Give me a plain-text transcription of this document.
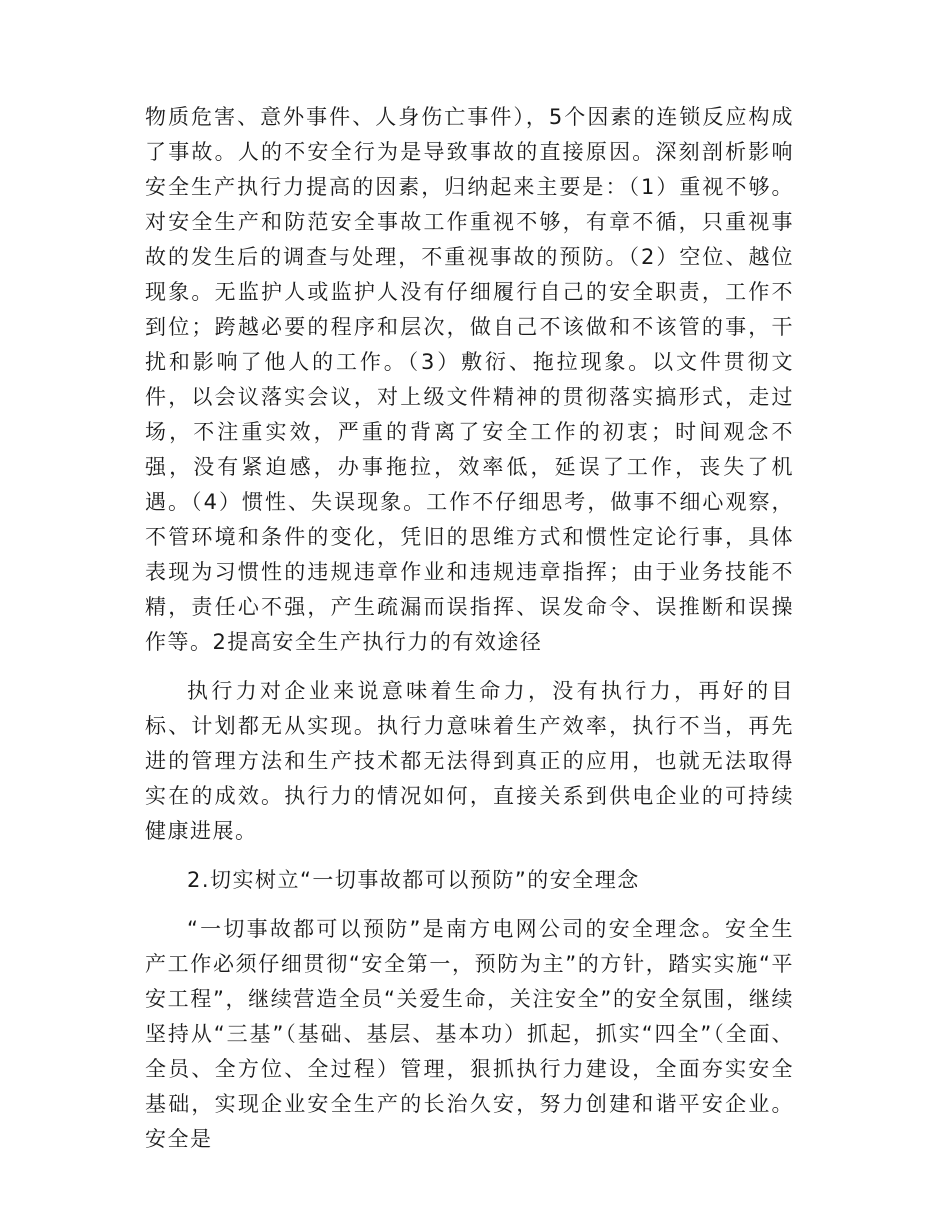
物质危害、意外事件、人身伤亡事件），5个因素的连锁反应构成了事故。人的不安全行为是导致事故的直接原因。深刻剖析影响安全生产执行力提高的因素，归纳起来主要是：（1）重视不够。对安全生产和防范安全事故工作重视不够，有章不循，只重视事故的发生后的调查与处理，不重视事故的预防。（2）空位、越位现象。无监护人或监护人没有仔细履行自己的安全职责，工作不到位；跨越必要的程序和层次，做自己不该做和不该管的事，干扰和影响了他人的工作。（3）敷衍、拖拉现象。以文件贯彻文件，以会议落实会议，对上级文件精神的贯彻落实搞形式，走过场，不注重实效，严重的背离了安全工作的初衷；时间观念不强，没有紧迫感，办事拖拉，效率低，延误了工作，丧失了机遇。（4）惯性、失误现象。工作不仔细思考，做事不细心观察，不管环境和条件的变化，凭旧的思维方式和惯性定论行事，具体表现为习惯性的违规违章作业和违规违章指挥；由于业务技能不精，责任心不强，产生疏漏而误指挥、误发命令、误推断和误操作等。2提高安全生产执行力的有效途径

执行力对企业来说意味着生命力，没有执行力，再好的目标、计划都无从实现。执行力意味着生产效率，执行不当，再先进的管理方法和生产技术都无法得到真正的应用，也就无法取得实在的成效。执行力的情况如何，直接关系到供电企业的可持续健康进展。

2.切实树立“一切事故都可以预防”的安全理念

“一切事故都可以预防”是南方电网公司的安全理念。安全生产工作必须仔细贯彻“安全第一，预防为主”的方针，踏实实施“平安工程”，继续营造全员“关爱生命，关注安全”的安全氛围，继续坚持从“三基”（基础、基层、基本功）抓起，抓实“四全”（全面、全员、全方位、全过程）管理，狠抓执行力建设，全面夯实安全基础，实现企业安全生产的长治久安，努力创建和谐平安企业。安全是
